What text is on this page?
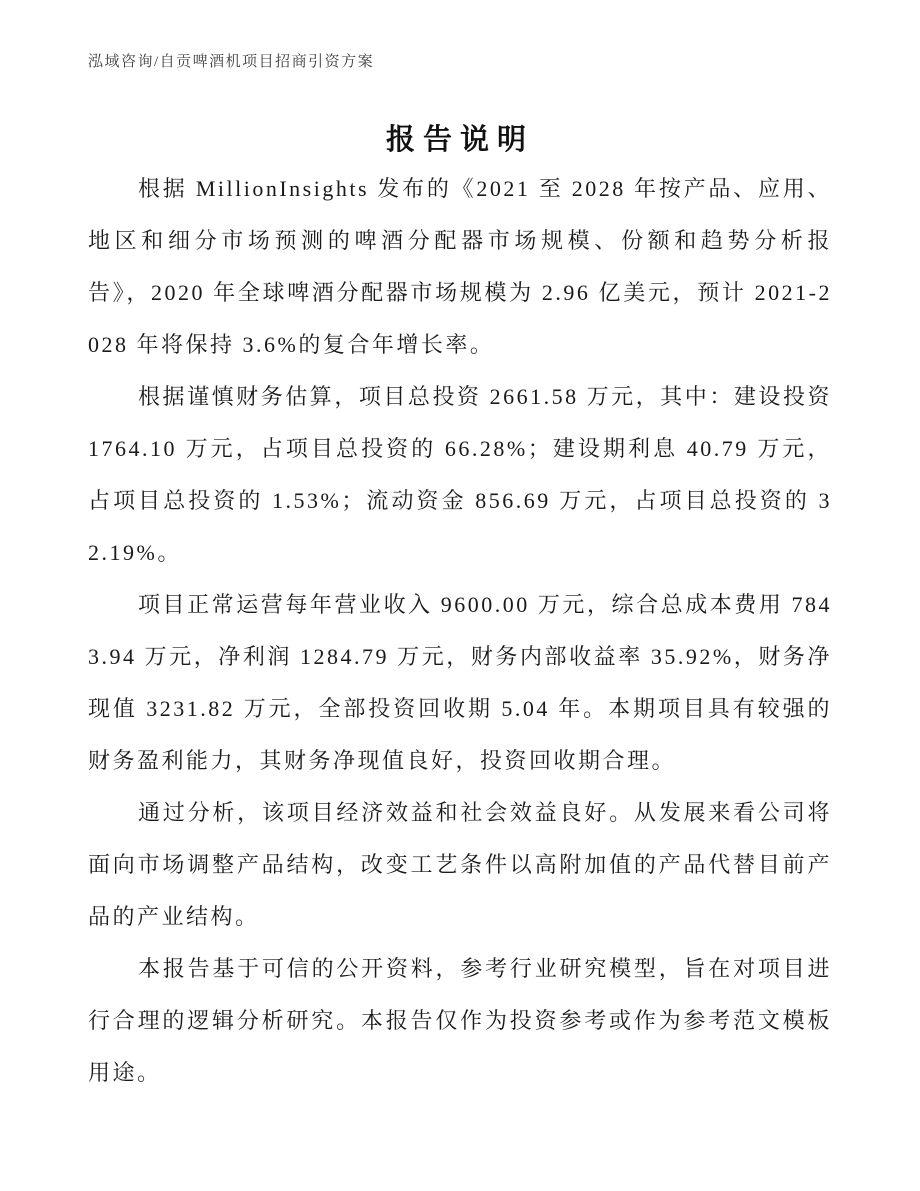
泓域咨询/自贡啤酒机项目招商引资方案
报告说明

根据 MillionInsights 发布的《2021 至 2028 年按产品、应用、地区和细分市场预测的啤酒分配器市场规模、份额和趋势分析报告》，2020 年全球啤酒分配器市场规模为 2.96 亿美元，预计 2021-2028 年将保持 3.6%的复合年增长率。

根据谨慎财务估算，项目总投资 2661.58 万元，其中：建设投资 1764.10 万元，占项目总投资的 66.28%；建设期利息 40.79 万元，占项目总投资的 1.53%；流动资金 856.69 万元，占项目总投资的 32.19%。

项目正常运营每年营业收入 9600.00 万元，综合总成本费用 7843.94 万元，净利润 1284.79 万元，财务内部收益率 35.92%，财务净现值 3231.82 万元，全部投资回收期 5.04 年。本期项目具有较强的财务盈利能力，其财务净现值良好，投资回收期合理。

通过分析，该项目经济效益和社会效益良好。从发展来看公司将面向市场调整产品结构，改变工艺条件以高附加值的产品代替目前产品的产业结构。

本报告基于可信的公开资料，参考行业研究模型，旨在对项目进行合理的逻辑分析研究。本报告仅作为投资参考或作为参考范文模板用途。
